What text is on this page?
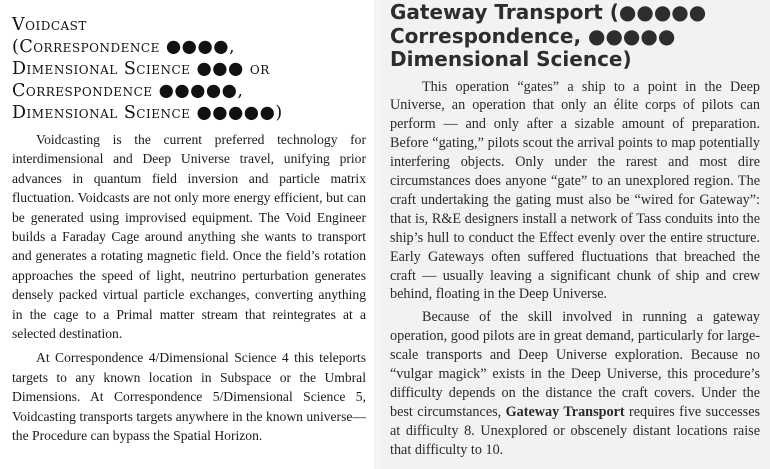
Voidcast
(Correspondence ●●●●,
Dimensional Science ●●● or
Correspondence ●●●●●,
Dimensional Science ●●●●●)

Voidcasting is the current preferred technology for interdimensional and Deep Universe travel, unifying prior advances in quantum field inversion and particle matrix fluctuation. Voidcasts are not only more energy efficient, but can be generated using improvised equipment. The Void Engineer builds a Faraday Cage around anything she wants to transport and generates a rotating magnetic field. Once the field’s rotation approaches the speed of light, neutrino perturbation generates densely packed virtual particle exchanges, converting anything in the cage to a Primal matter stream that reintegrates at a selected destination.

At Correspondence 4/Dimensional Science 4 this teleports targets to any known location in Subspace or the Umbral Dimensions. At Correspondence 5/Dimensional Science 5, Voidcasting transports targets anywhere in the known universe—the Procedure can bypass the Spatial Horizon.

Gateway Transport (●●●●●
Correspondence, ●●●●●
Dimensional Science)

This operation “gates” a ship to a point in the Deep Universe, an operation that only an élite corps of pilots can perform — and only after a sizable amount of preparation. Before “gating,” pilots scout the arrival points to map potentially interfering objects. Only under the rarest and most dire circumstances does anyone “gate” to an unexplored region. The craft undertaking the gating must also be “wired for Gateway”: that is, R&E designers install a network of Tass conduits into the ship’s hull to conduct the Effect evenly over the entire structure. Early Gateways often suffered fluctuations that breached the craft — usually leaving a significant chunk of ship and crew behind, floating in the Deep Universe.

Because of the skill involved in running a gateway operation, good pilots are in great demand, particularly for large-scale transports and Deep Universe exploration. Because no “vulgar magick” exists in the Deep Universe, this procedure’s difficulty depends on the distance the craft covers. Under the best circumstances, Gateway Transport requires five successes at difficulty 8. Unexplored or obscenely distant locations raise that difficulty to 10.
